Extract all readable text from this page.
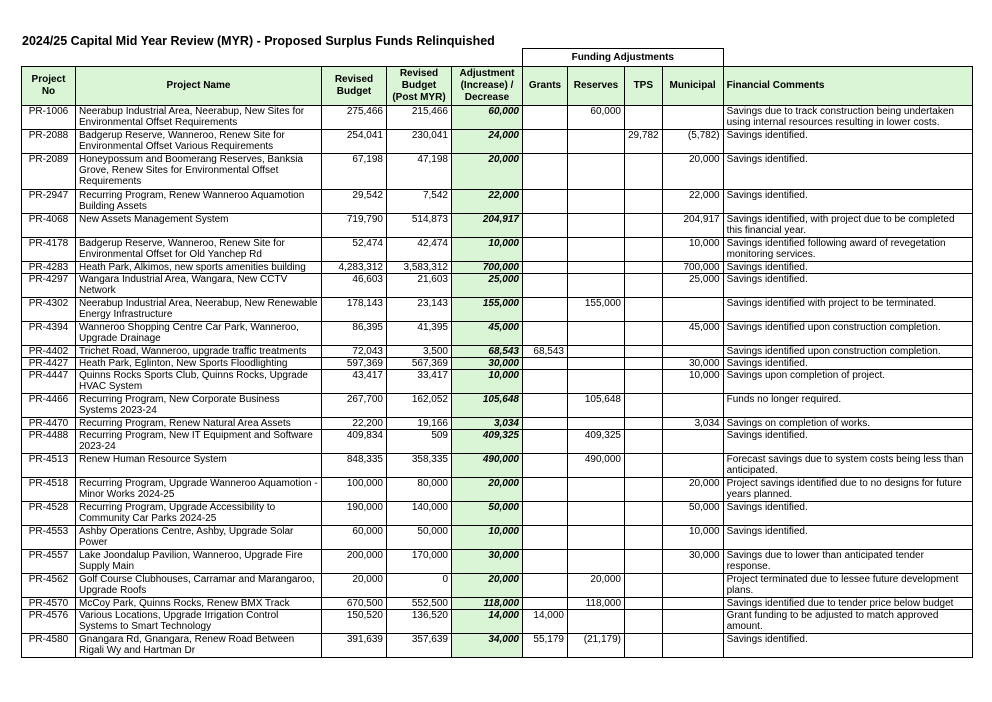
2024/25 Capital Mid Year Review (MYR) - Proposed Surplus Funds Relinquished
					Funding Adjustments				
Project No	Project Name	Revised Budget	Revised Budget (Post MYR)	Adjustment (Increase) / Decrease	Grants	Reserves	TPS	Municipal	Financial Comments
PR-1006	Neerabup Industrial Area, Neerabup, New Sites for Environmental Offset Requirements	275,466	215,466	60,000		60,000			Savings due to track construction being undertaken using internal resources resulting in lower costs.
PR-2088	Badgerup Reserve, Wanneroo, Renew Site for Environmental Offset Various Requirements	254,041	230,041	24,000			29,782	(5,782)	Savings identified.
PR-2089	Honeypossum and Boomerang Reserves, Banksia Grove, Renew Sites for Environmental Offset Requirements	67,198	47,198	20,000				20,000	Savings identified.
PR-2947	Recurring Program, Renew Wanneroo Aquamotion Building Assets	29,542	7,542	22,000				22,000	Savings identified.
PR-4068	New Assets Management System	719,790	514,873	204,917				204,917	Savings identified, with project due to be completed this financial year.
PR-4178	Badgerup Reserve, Wanneroo, Renew Site for Environmental Offset for Old Yanchep Rd	52,474	42,474	10,000				10,000	Savings identified following award of revegetation monitoring services.
PR-4283	Heath Park, Alkimos, new sports amenities building	4,283,312	3,583,312	700,000				700,000	Savings identified.
PR-4297	Wangara Industrial Area, Wangara, New CCTV Network	46,603	21,603	25,000				25,000	Savings identified.
PR-4302	Neerabup Industrial Area, Neerabup, New Renewable Energy Infrastructure	178,143	23,143	155,000		155,000			Savings identified with project to be terminated.
PR-4394	Wanneroo Shopping Centre Car Park, Wanneroo, Upgrade Drainage	86,395	41,395	45,000				45,000	Savings identified upon construction completion.
PR-4402	Trichet Road, Wanneroo, upgrade traffic treatments	72,043	3,500	68,543	68,543				Savings identified upon construction completion.
PR-4427	Heath Park, Eglinton, New Sports Floodlighting	597,369	567,369	30,000				30,000	Savings identified.
PR-4447	Quinns Rocks Sports Club, Quinns Rocks, Upgrade HVAC System	43,417	33,417	10,000				10,000	Savings upon completion of project.
PR-4466	Recurring Program, New Corporate Business Systems 2023-24	267,700	162,052	105,648		105,648			Funds no longer required.
PR-4470	Recurring Program, Renew Natural Area Assets	22,200	19,166	3,034				3,034	Savings on completion of works.
PR-4488	Recurring Program, New IT Equipment and Software 2023-24	409,834	509	409,325		409,325			Savings identified.
PR-4513	Renew Human Resource System	848,335	358,335	490,000		490,000			Forecast savings due to system costs being less than anticipated.
PR-4518	Recurring Program, Upgrade Wanneroo Aquamotion - Minor Works 2024-25	100,000	80,000	20,000				20,000	Project savings identified due to no designs for future years planned.
PR-4528	Recurring Program, Upgrade Accessibility to Community Car Parks 2024-25	190,000	140,000	50,000				50,000	Savings identified.
PR-4553	Ashby Operations Centre, Ashby, Upgrade Solar Power	60,000	50,000	10,000				10,000	Savings identified.
PR-4557	Lake Joondalup Pavilion, Wanneroo, Upgrade Fire Supply Main	200,000	170,000	30,000				30,000	Savings due to lower than anticipated tender response.
PR-4562	Golf Course Clubhouses, Carramar and Marangaroo, Upgrade Roofs	20,000	0	20,000		20,000			Project terminated due to lessee future development plans.
PR-4570	McCoy Park, Quinns Rocks, Renew BMX Track	670,500	552,500	118,000		118,000			Savings identified due to tender price below budget
PR-4576	Various Locations, Upgrade Irrigation Control Systems to Smart Technology	150,520	136,520	14,000	14,000				Grant funding to be adjusted to match approved amount.
PR-4580	Gnangara Rd, Gnangara, Renew Road Between Rigali Wy and Hartman Dr	391,639	357,639	34,000	55,179	(21,179)			Savings identified.
